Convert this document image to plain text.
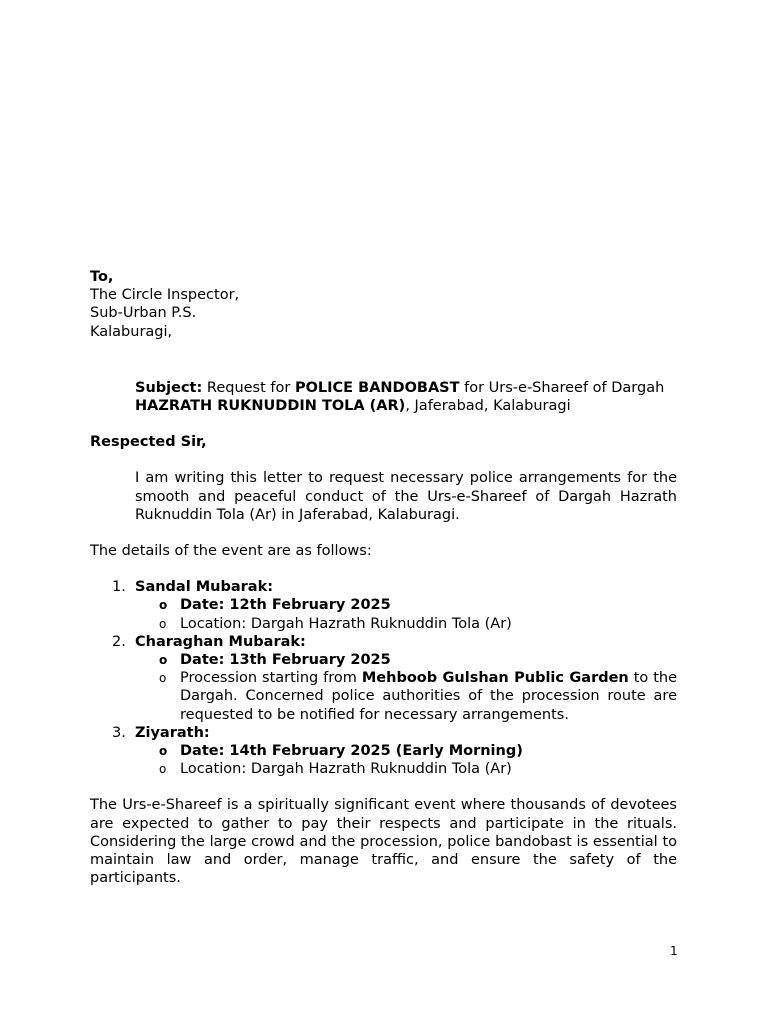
To,
The Circle Inspector,
Sub-Urban P.S.
Kalaburagi,
Subject: Request for POLICE BANDOBAST for Urs-e-Shareef of Dargah HAZRATH RUKNUDDIN TOLA (AR), Jaferabad, Kalaburagi
Respected Sir,
I am writing this letter to request necessary police arrangements for the smooth and peaceful conduct of the Urs-e-Shareef of Dargah Hazrath Ruknuddin Tola (Ar) in Jaferabad, Kalaburagi.
The details of the event are as follows:
1. Sandal Mubarak:
o Date: 12th February 2025
o Location: Dargah Hazrath Ruknuddin Tola (Ar)
2. Charaghan Mubarak:
o Date: 13th February 2025
o Procession starting from Mehboob Gulshan Public Garden to the Dargah. Concerned police authorities of the procession route are requested to be notified for necessary arrangements.
3. Ziyarath:
o Date: 14th February 2025 (Early Morning)
o Location: Dargah Hazrath Ruknuddin Tola (Ar)
The Urs-e-Shareef is a spiritually significant event where thousands of devotees are expected to gather to pay their respects and participate in the rituals. Considering the large crowd and the procession, police bandobast is essential to maintain law and order, manage traffic, and ensure the safety of the participants.
1
